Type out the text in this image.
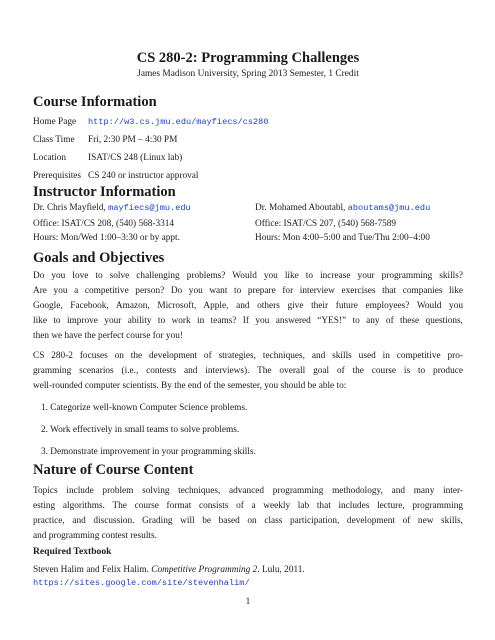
CS 280-2: Programming Challenges
James Madison University, Spring 2013 Semester, 1 Credit
Course Information
Home Page http://w3.cs.jmu.edu/mayfiecs/cs280
Class Time Fri, 2:30 PM – 4:30 PM
Location ISAT/CS 248 (Linux lab)
Prerequisites CS 240 or instructor approval
Instructor Information
Dr. Chris Mayfield, mayfiecs@jmu.edu
Office: ISAT/CS 208, (540) 568-3314
Hours: Mon/Wed 1:00–3:30 or by appt.
Dr. Mohamed Aboutabl, aboutams@jmu.edu
Office: ISAT/CS 207, (540) 568-7589
Hours: Mon 4:00–5:00 and Tue/Thu 2:00–4:00
Goals and Objectives
Do you love to solve challenging problems? Would you like to increase your programming skills?
Are you a competitive person? Do you want to prepare for interview exercises that companies like
Google, Facebook, Amazon, Microsoft, Apple, and others give their future employees? Would you
like to improve your ability to work in teams? If you answered “YES!” to any of these questions,
then we have the perfect course for you!
CS 280-2 focuses on the development of strategies, techniques, and skills used in competitive pro-
gramming scenarios (i.e., contests and interviews). The overall goal of the course is to produce
well-rounded computer scientists. By the end of the semester, you should be able to:
1. Categorize well-known Computer Science problems.
2. Work effectively in small teams to solve problems.
3. Demonstrate improvement in your programming skills.
Nature of Course Content
Topics include problem solving techniques, advanced programming methodology, and many inter-
esting algorithms. The course format consists of a weekly lab that includes lecture, programming
practice, and discussion. Grading will be based on class participation, development of new skills,
and programming contest results.
Required Textbook
Steven Halim and Felix Halim. Competitive Programming 2. Lulu, 2011.
https://sites.google.com/site/stevenhalim/
1
